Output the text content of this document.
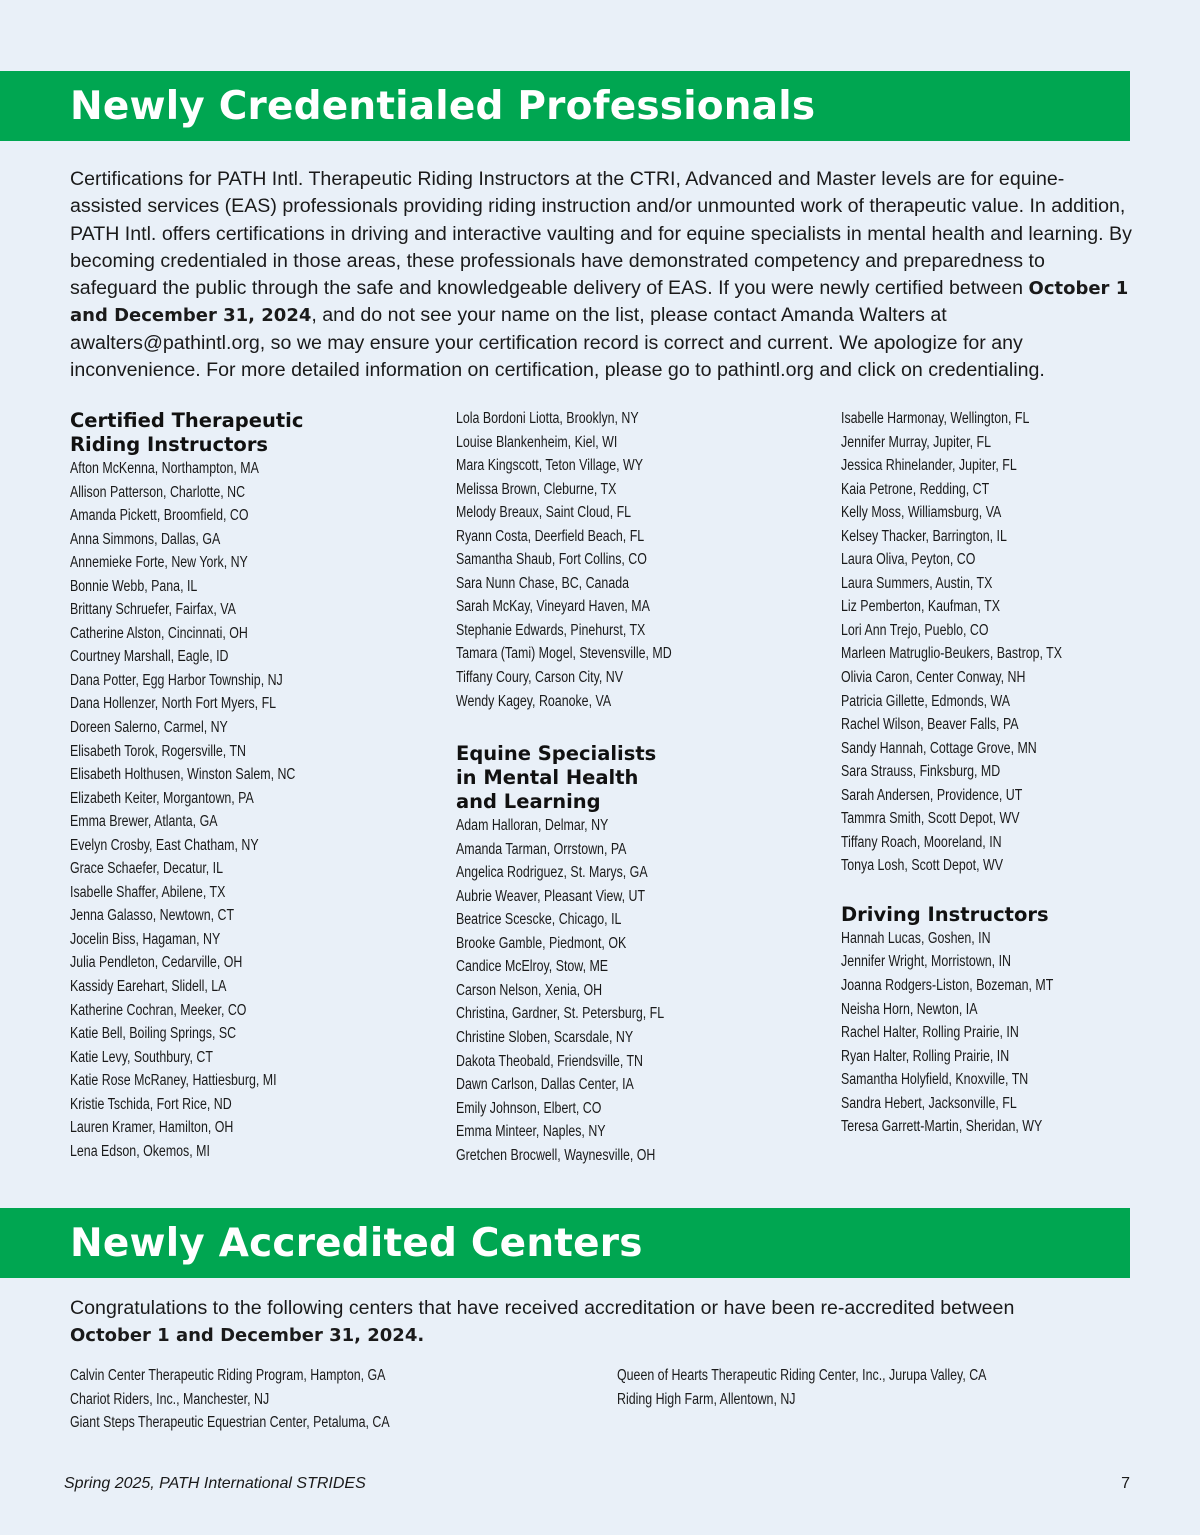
Newly Credentialed Professionals

Certifications for PATH Intl. Therapeutic Riding Instructors at the CTRI, Advanced and Master levels are for equine-assisted services (EAS) professionals providing riding instruction and/or unmounted work of therapeutic value. In addition, PATH Intl. offers certifications in driving and interactive vaulting and for equine specialists in mental health and learning. By becoming credentialed in those areas, these professionals have demonstrated competency and preparedness to safeguard the public through the safe and knowledgeable delivery of EAS. If you were newly certified between October 1 and December 31, 2024, and do not see your name on the list, please contact Amanda Walters at awalters@pathintl.org, so we may ensure your certification record is correct and current. We apologize for any inconvenience. For more detailed information on certification, please go to pathintl.org and click on credentialing.

Certified Therapeutic
Riding Instructors
Afton McKenna, Northampton, MA
Allison Patterson, Charlotte, NC
Amanda Pickett, Broomfield, CO
Anna Simmons, Dallas, GA
Annemieke Forte, New York, NY
Bonnie Webb, Pana, IL
Brittany Schruefer, Fairfax, VA
Catherine Alston, Cincinnati, OH
Courtney Marshall, Eagle, ID
Dana Potter, Egg Harbor Township, NJ
Dana Hollenzer, North Fort Myers, FL
Doreen Salerno, Carmel, NY
Elisabeth Torok, Rogersville, TN
Elisabeth Holthusen, Winston Salem, NC
Elizabeth Keiter, Morgantown, PA
Emma Brewer, Atlanta, GA
Evelyn Crosby, East Chatham, NY
Grace Schaefer, Decatur, IL
Isabelle Shaffer, Abilene, TX
Jenna Galasso, Newtown, CT
Jocelin Biss, Hagaman, NY
Julia Pendleton, Cedarville, OH
Kassidy Earehart, Slidell, LA
Katherine Cochran, Meeker, CO
Katie Bell, Boiling Springs, SC
Katie Levy, Southbury, CT
Katie Rose McRaney, Hattiesburg, MI
Kristie Tschida, Fort Rice, ND
Lauren Kramer, Hamilton, OH
Lena Edson, Okemos, MI
Lola Bordoni Liotta, Brooklyn, NY
Louise Blankenheim, Kiel, WI
Mara Kingscott, Teton Village, WY
Melissa Brown, Cleburne, TX
Melody Breaux, Saint Cloud, FL
Ryann Costa, Deerfield Beach, FL
Samantha Shaub, Fort Collins, CO
Sara Nunn Chase, BC, Canada
Sarah McKay, Vineyard Haven, MA
Stephanie Edwards, Pinehurst, TX
Tamara (Tami) Mogel, Stevensville, MD
Tiffany Coury, Carson City, NV
Wendy Kagey, Roanoke, VA
Equine Specialists
in Mental Health
and Learning
Adam Halloran, Delmar, NY
Amanda Tarman, Orrstown, PA
Angelica Rodriguez, St. Marys, GA
Aubrie Weaver, Pleasant View, UT
Beatrice Scescke, Chicago, IL
Brooke Gamble, Piedmont, OK
Candice McElroy, Stow, ME
Carson Nelson, Xenia, OH
Christina, Gardner, St. Petersburg, FL
Christine Sloben, Scarsdale, NY
Dakota Theobald, Friendsville, TN
Dawn Carlson, Dallas Center, IA
Emily Johnson, Elbert, CO
Emma Minteer, Naples, NY
Gretchen Brocwell, Waynesville, OH
Isabelle Harmonay, Wellington, FL
Jennifer Murray, Jupiter, FL
Jessica Rhinelander, Jupiter, FL
Kaia Petrone, Redding, CT
Kelly Moss, Williamsburg, VA
Kelsey Thacker, Barrington, IL
Laura Oliva, Peyton, CO
Laura Summers, Austin, TX
Liz Pemberton, Kaufman, TX
Lori Ann Trejo, Pueblo, CO
Marleen Matruglio-Beukers, Bastrop, TX
Olivia Caron, Center Conway, NH
Patricia Gillette, Edmonds, WA
Rachel Wilson, Beaver Falls, PA
Sandy Hannah, Cottage Grove, MN
Sara Strauss, Finksburg, MD
Sarah Andersen, Providence, UT
Tammra Smith, Scott Depot, WV
Tiffany Roach, Mooreland, IN
Tonya Losh, Scott Depot, WV
Driving Instructors
Hannah Lucas, Goshen, IN
Jennifer Wright, Morristown, IN
Joanna Rodgers-Liston, Bozeman, MT
Neisha Horn, Newton, IA
Rachel Halter, Rolling Prairie, IN
Ryan Halter, Rolling Prairie, IN
Samantha Holyfield, Knoxville, TN
Sandra Hebert, Jacksonville, FL
Teresa Garrett-Martin, Sheridan, WY
Newly Accredited Centers

Congratulations to the following centers that have received accreditation or have been re-accredited between
October 1 and December 31, 2024.

Calvin Center Therapeutic Riding Program, Hampton, GA
Chariot Riders, Inc., Manchester, NJ
Giant Steps Therapeutic Equestrian Center, Petaluma, CA
Queen of Hearts Therapeutic Riding Center, Inc., Jurupa Valley, CA
Riding High Farm, Allentown, NJ
Spring 2025, PATH International STRIDES	7
